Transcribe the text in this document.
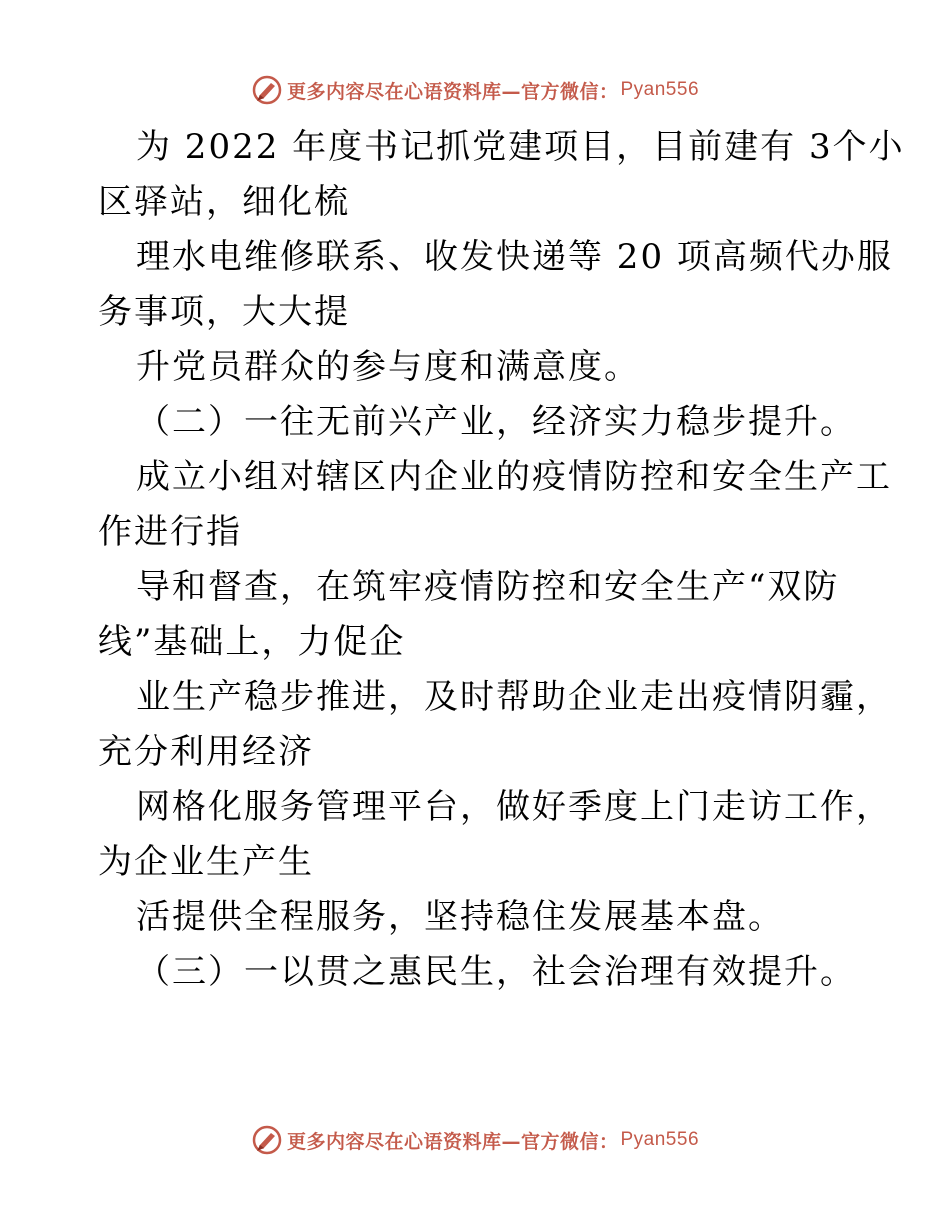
更多内容尽在心语资料库—官方微信： Pyan556
为 2022 年度书记抓党建项目，目前建有 3个小
区驿站，细化梳
理水电维修联系、收发快递等 20 项高频代办服
务事项，大大提
升党员群众的参与度和满意度。
（二）一往无前兴产业，经济实力稳步提升。
成立小组对辖区内企业的疫情防控和安全生产工
作进行指
导和督查，在筑牢疫情防控和安全生产“双防
线”基础上，力促企
业生产稳步推进，及时帮助企业走出疫情阴霾，
充分利用经济
网格化服务管理平台，做好季度上门走访工作，
为企业生产生
活提供全程服务，坚持稳住发展基本盘。
（三）一以贯之惠民生，社会治理有效提升。
更多内容尽在心语资料库—官方微信： Pyan556
